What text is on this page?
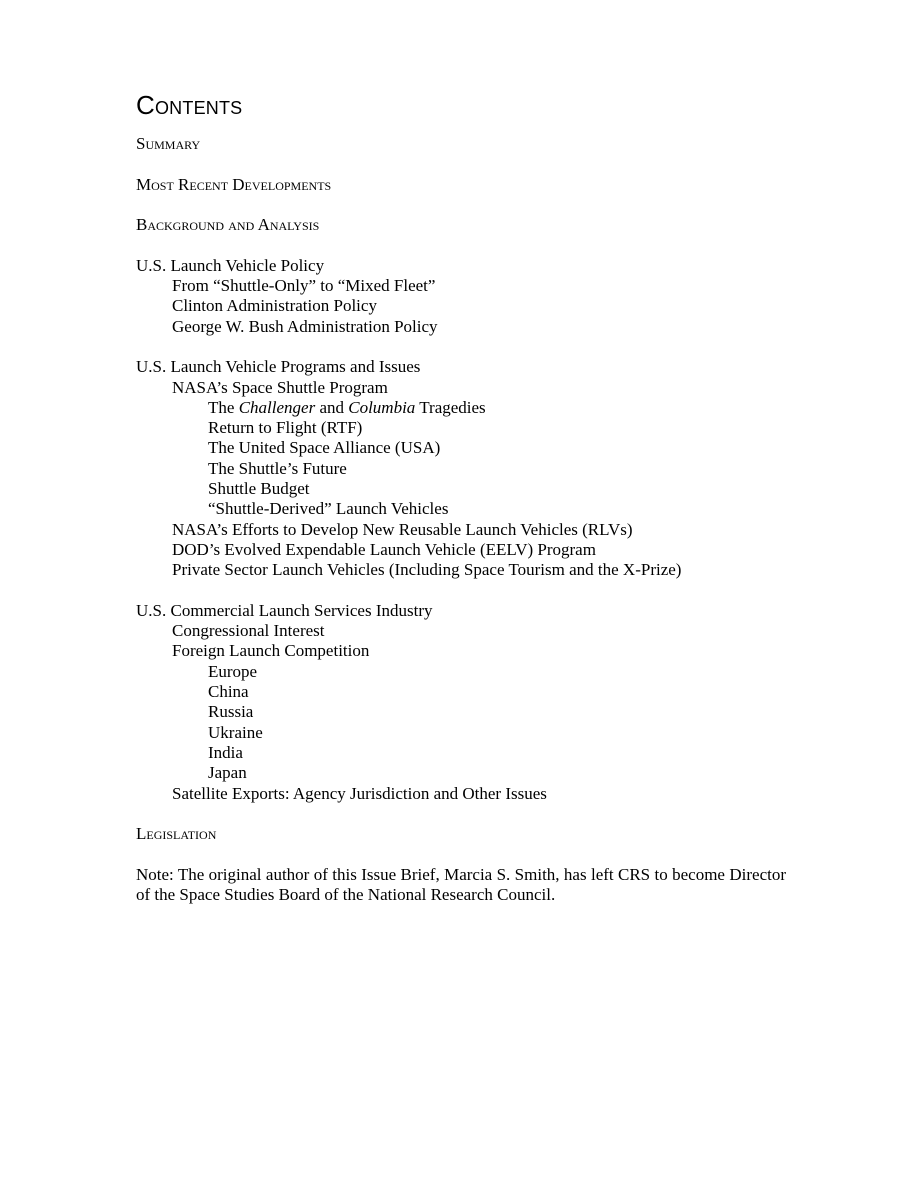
Contents
Summary
Most Recent Developments
Background and Analysis
U.S. Launch Vehicle Policy
From “Shuttle-Only” to “Mixed Fleet”
Clinton Administration Policy
George W. Bush Administration Policy
U.S. Launch Vehicle Programs and Issues
NASA’s Space Shuttle Program
The Challenger and Columbia Tragedies
Return to Flight (RTF)
The United Space Alliance (USA)
The Shuttle’s Future
Shuttle Budget
“Shuttle-Derived” Launch Vehicles
NASA’s Efforts to Develop New Reusable Launch Vehicles (RLVs)
DOD’s Evolved Expendable Launch Vehicle (EELV) Program
Private Sector Launch Vehicles (Including Space Tourism and the X-Prize)
U.S. Commercial Launch Services Industry
Congressional Interest
Foreign Launch Competition
Europe
China
Russia
Ukraine
India
Japan
Satellite Exports: Agency Jurisdiction and Other Issues
Legislation

Note: The original author of this Issue Brief, Marcia S. Smith, has left CRS to become Director of the Space Studies Board of the National Research Council.
